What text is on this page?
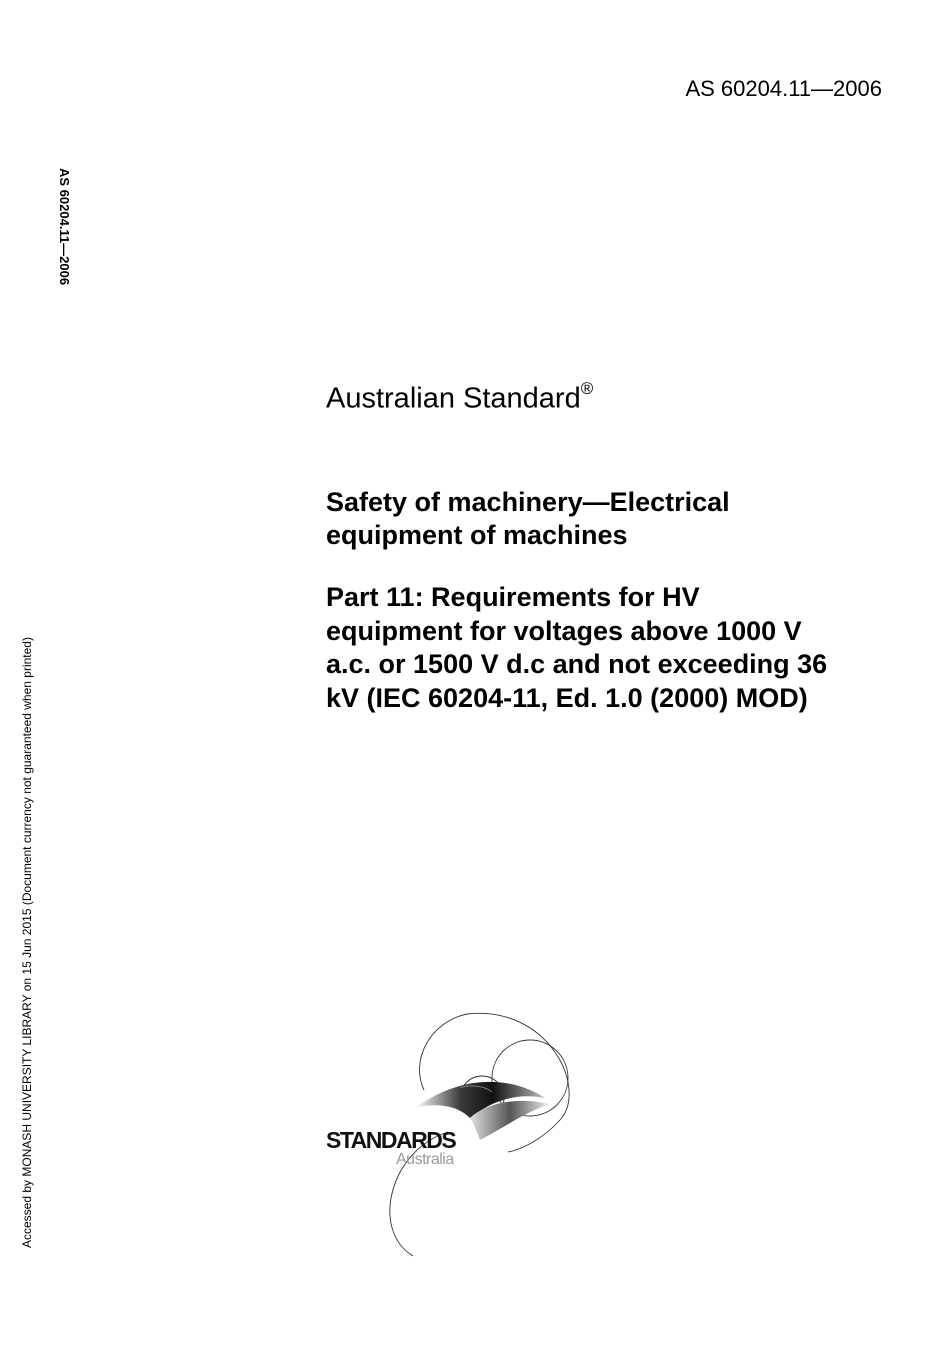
AS 60204.11—2006
AS 60204.11—2006
Accessed by MONASH UNIVERSITY LIBRARY on 15 Jun 2015 (Document currency not guaranteed when printed)
Australian Standard®
Safety of machinery—Electrical
equipment of machines
Part 11: Requirements for HV
equipment for voltages above 1000 V
a.c. or 1500 V d.c and not exceeding 36
kV (IEC 60204-11, Ed. 1.0 (2000) MOD)
STANDARDS
Australia
